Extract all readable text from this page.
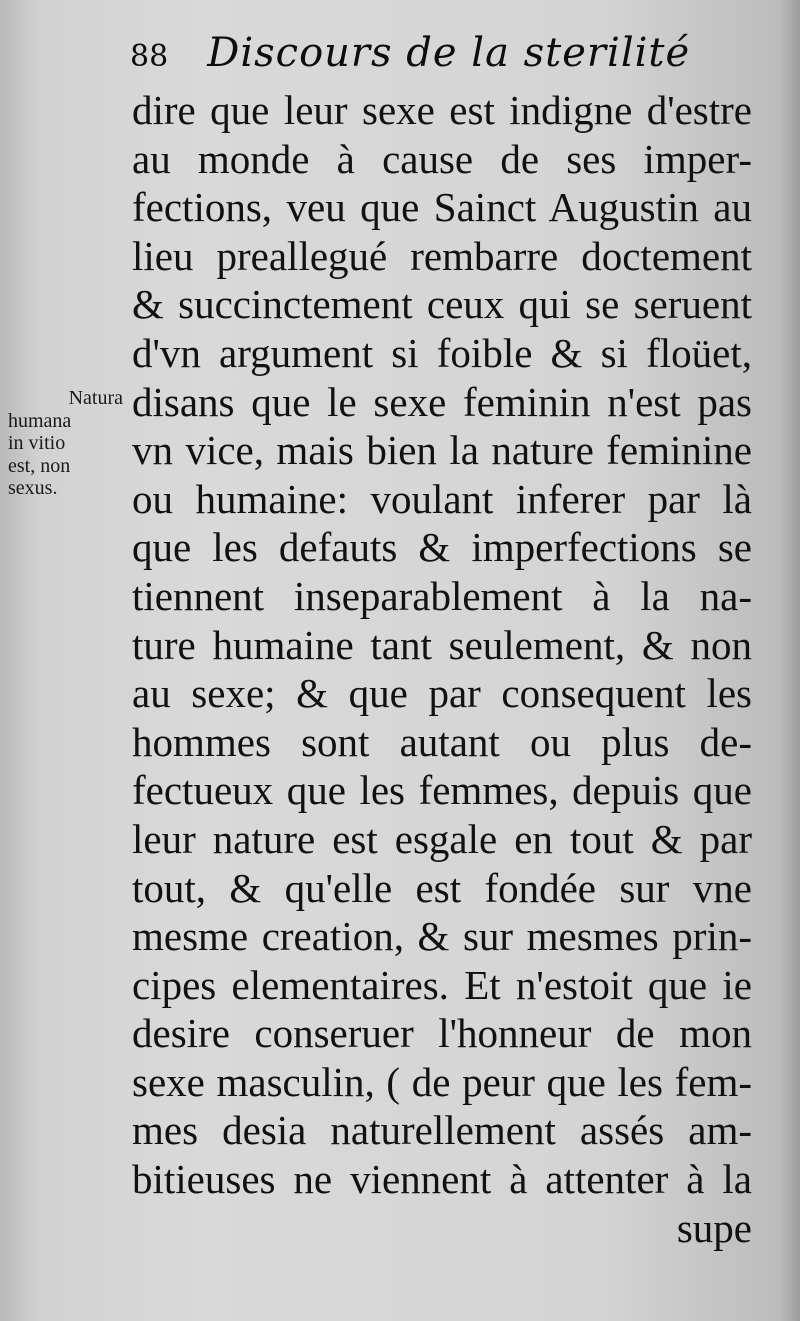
88 Discours de la sterilité
Natura
humana
in vitio
est, non
sexus.
dire que leur sexe est indigne d'estre
au monde à cause de ses imper-
fections, veu que Sainct Augustin au
lieu preallegué rembarre doctement
& succinctement ceux qui se seruent
d'vn argument si foible & si floüet,
disans que le sexe feminin n'est pas
vn vice, mais bien la nature feminine
ou humaine: voulant inferer par là
que les defauts & imperfections se
tiennent inseparablement à la na-
ture humaine tant seulement, & non
au sexe; & que par consequent les
hommes sont autant ou plus de-
fectueux que les femmes, depuis que
leur nature est esgale en tout & par
tout, & qu'elle est fondée sur vne
mesme creation, & sur mesmes prin-
cipes elementaires. Et n'estoit que ie
desire conseruer l'honneur de mon
sexe masculin, ( de peur que les fem-
mes desia naturellement assés am-
bitieuses ne viennent à attenter à la
supe
